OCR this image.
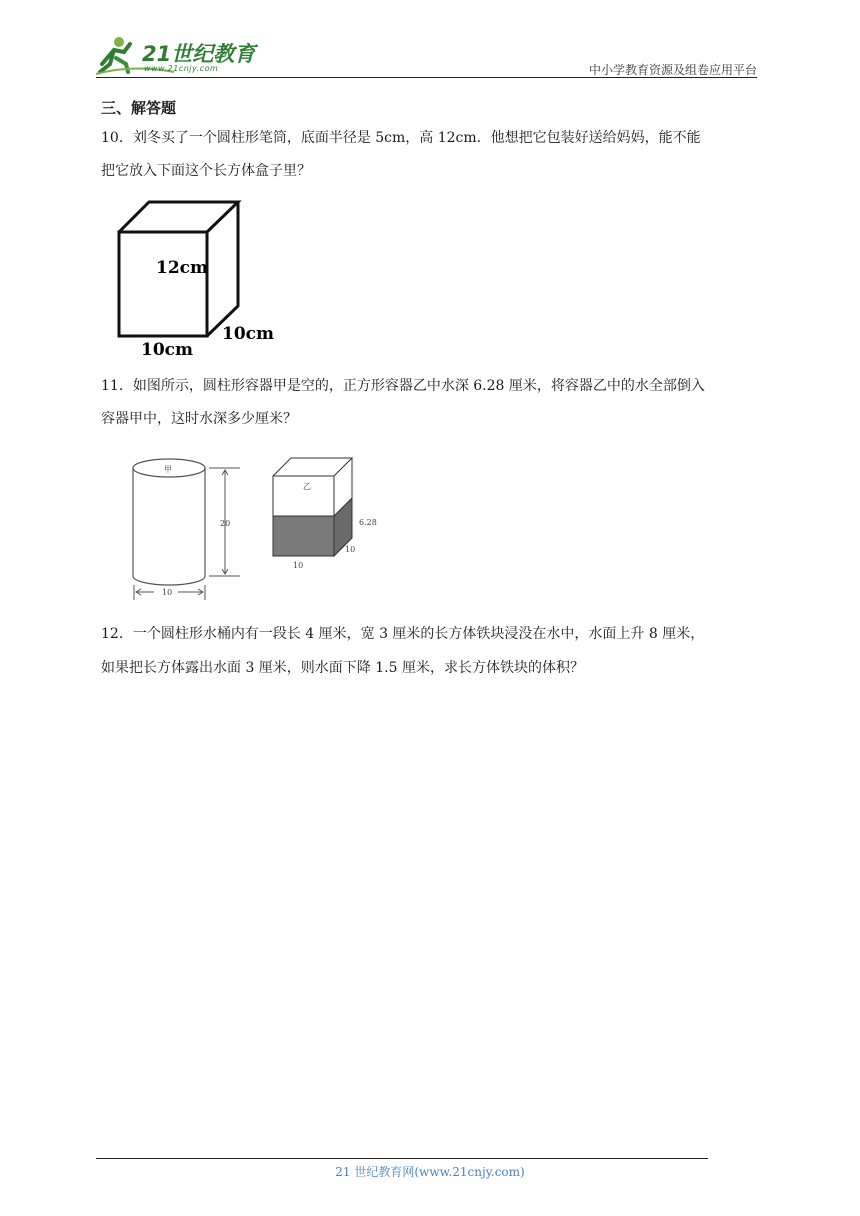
21世纪教育
www.21cnjy.com	中小学教育资源及组卷应用平台
三、解答题
10．刘冬买了一个圆柱形笔筒，底面半径是 5cm，高 12cm．他想把它包装好送给妈妈，能不能
把它放入下面这个长方体盒子里？
12cm
10cm
10cm
11．如图所示，圆柱形容器甲是空的，正方形容器乙中水深 6.28 厘米，将容器乙中的水全部倒入
容器甲中，这时水深多少厘米？
甲
20
10
乙
6.28
10
10
12．一个圆柱形水桶内有一段长 4 厘米，宽 3 厘米的长方体铁块浸没在水中，水面上升 8 厘米，
如果把长方体露出水面 3 厘米，则水面下降 1.5 厘米，求长方体铁块的体积？
21 世纪教育网(www.21cnjy.com)
